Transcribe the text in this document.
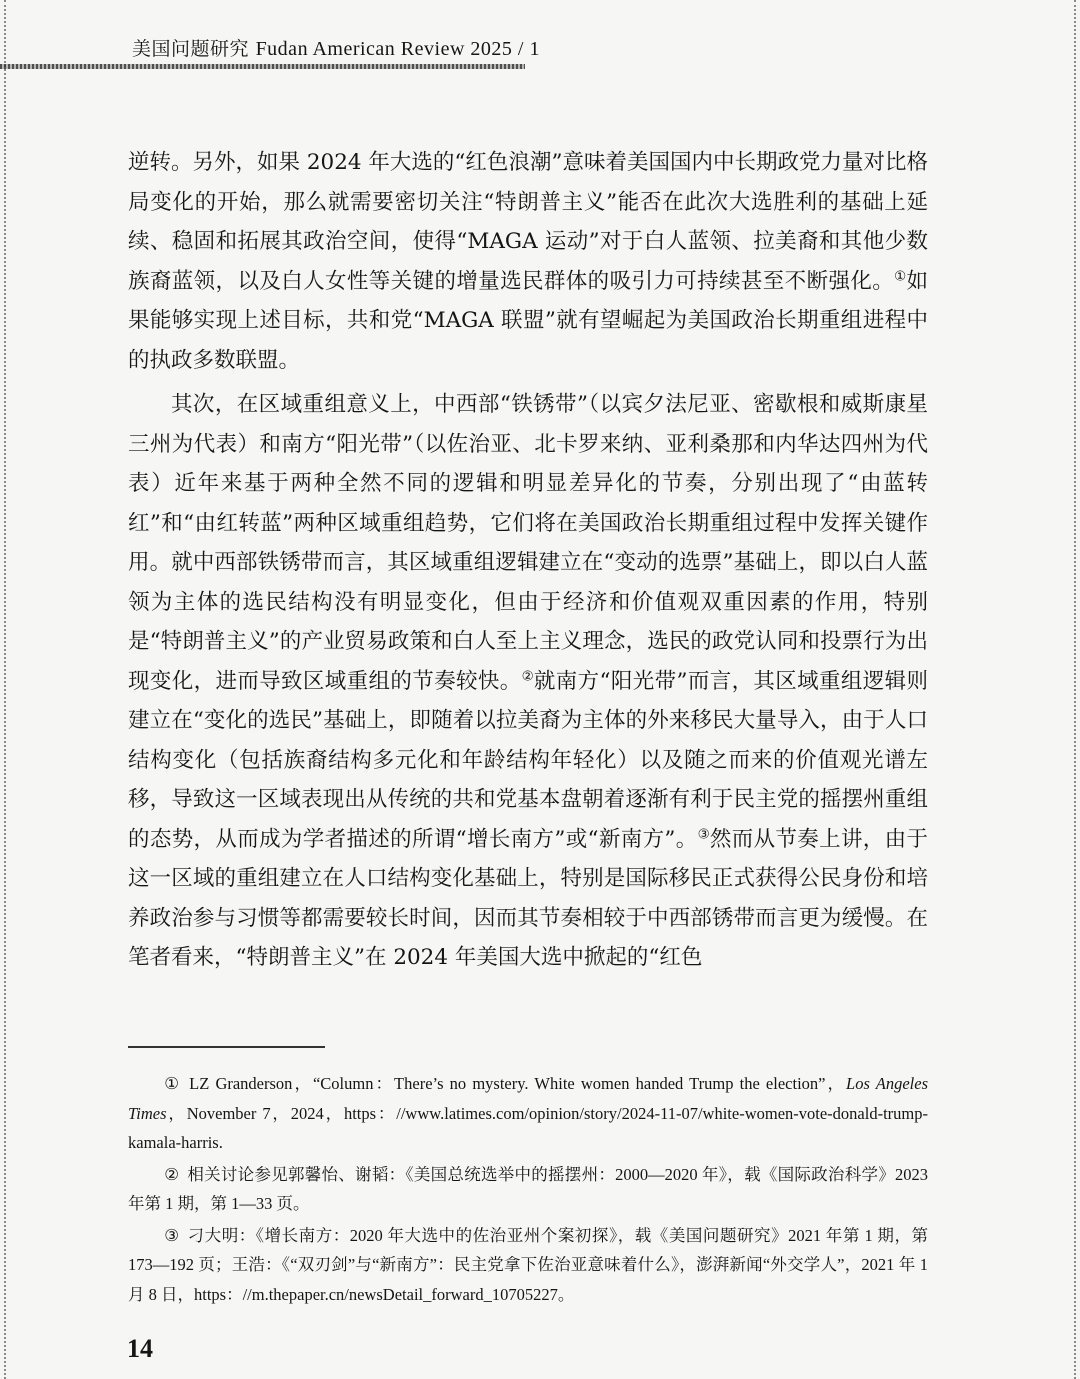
美国问题研究 Fudan American Review 2025 / 1

逆转。另外，如果 2024 年大选的“红色浪潮”意味着美国国内中长期政党力量对比格局变化的开始，那么就需要密切关注“特朗普主义”能否在此次大选胜利的基础上延续、稳固和拓展其政治空间，使得“MAGA 运动”对于白人蓝领、拉美裔和其他少数族裔蓝领，以及白人女性等关键的增量选民群体的吸引力可持续甚至不断强化。①如果能够实现上述目标，共和党“MAGA 联盟”就有望崛起为美国政治长期重组进程中的执政多数联盟。

其次，在区域重组意义上，中西部“铁锈带”（以宾夕法尼亚、密歇根和威斯康星三州为代表）和南方“阳光带”（以佐治亚、北卡罗来纳、亚利桑那和内华达四州为代表）近年来基于两种全然不同的逻辑和明显差异化的节奏，分别出现了“由蓝转红”和“由红转蓝”两种区域重组趋势，它们将在美国政治长期重组过程中发挥关键作用。就中西部铁锈带而言，其区域重组逻辑建立在“变动的选票”基础上，即以白人蓝领为主体的选民结构没有明显变化，但由于经济和价值观双重因素的作用，特别是“特朗普主义”的产业贸易政策和白人至上主义理念，选民的政党认同和投票行为出现变化，进而导致区域重组的节奏较快。②就南方“阳光带”而言，其区域重组逻辑则建立在“变化的选民”基础上，即随着以拉美裔为主体的外来移民大量导入，由于人口结构变化（包括族裔结构多元化和年龄结构年轻化）以及随之而来的价值观光谱左移，导致这一区域表现出从传统的共和党基本盘朝着逐渐有利于民主党的摇摆州重组的态势，从而成为学者描述的所谓“增长南方”或“新南方”。③然而从节奏上讲，由于这一区域的重组建立在人口结构变化基础上，特别是国际移民正式获得公民身份和培养政治参与习惯等都需要较长时间，因而其节奏相较于中西部锈带而言更为缓慢。在笔者看来，“特朗普主义”在 2024 年美国大选中掀起的“红色

① LZ Granderson，“Column：There’s no mystery. White women handed Trump the election”，Los Angeles Times，November 7，2024，https：//www.latimes.com/opinion/story/2024-11-07/white-women-vote-donald-trump-kamala-harris.

② 相关讨论参见郭馨怡、谢韬：《美国总统选举中的摇摆州：2000—2020 年》，载《国际政治科学》2023 年第 1 期，第 1—33 页。

③ 刁大明：《增长南方：2020 年大选中的佐治亚州个案初探》，载《美国问题研究》2021 年第 1 期，第 173—192 页；王浩：《“双刃剑”与“新南方”：民主党拿下佐治亚意味着什么》，澎湃新闻“外交学人”，2021 年 1 月 8 日，https：//m.thepaper.cn/newsDetail_forward_10705227。

14
